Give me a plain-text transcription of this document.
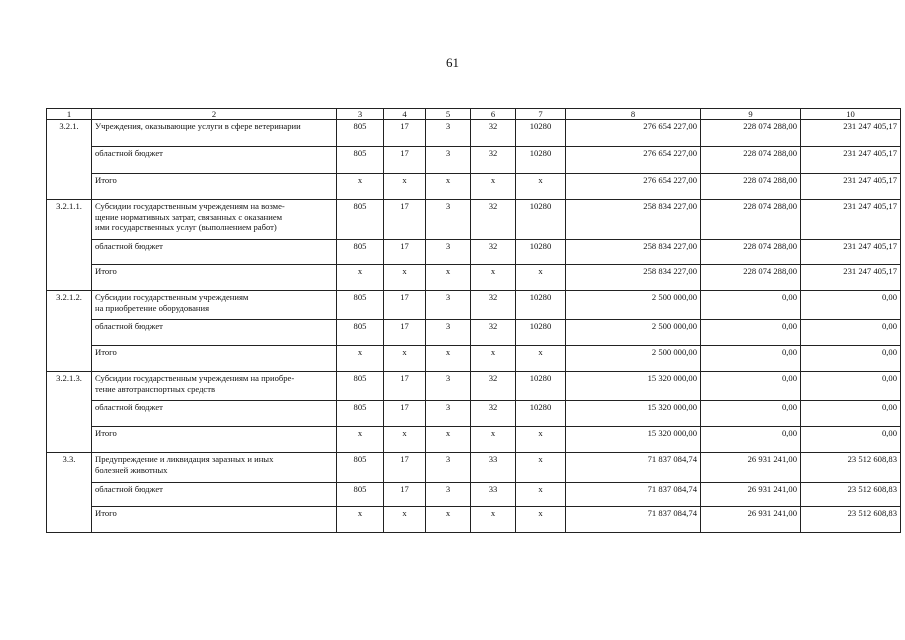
61
1	2	3	4	5	6	7	8	9	10
3.2.1.	Учреждения, оказывающие услуги в сфере ветеринарии	805	17	3	32	10280	276 654 227,00	228 074 288,00	231 247 405,17

	областной бюджет	805	17	3	32	10280	276 654 227,00	228 074 288,00	231 247 405,17

	Итого	x	x	x	x	x	276 654 227,00	228 074 288,00	231 247 405,17
3.2.1.1.	Субсидии государственным учреждениям на возме-
щение нормативных затрат, связанных с оказанием
ими государственных услуг (выполнением работ)	805	17	3	32	10280	258 834 227,00	228 074 288,00	231 247 405,17

	областной бюджет	805	17	3	32	10280	258 834 227,00	228 074 288,00	231 247 405,17

	Итого	x	x	x	x	x	258 834 227,00	228 074 288,00	231 247 405,17
3.2.1.2.	Субсидии государственным учреждениям
на приобретение оборудования	805	17	3	32	10280	2 500 000,00	0,00	0,00

	областной бюджет	805	17	3	32	10280	2 500 000,00	0,00	0,00

	Итого	x	x	x	x	x	2 500 000,00	0,00	0,00
3.2.1.3.	Субсидии государственным учреждениям на приобре-
тение автотранспортных средств	805	17	3	32	10280	15 320 000,00	0,00	0,00

	областной бюджет	805	17	3	32	10280	15 320 000,00	0,00	0,00

	Итого	x	x	x	x	x	15 320 000,00	0,00	0,00
3.3.	Предупреждение и ликвидация заразных и иных
болезней животных	805	17	3	33	x	71 837 084,74	26 931 241,00	23 512 608,83

	областной бюджет	805	17	3	33	x	71 837 084,74	26 931 241,00	23 512 608,83

	Итого	x	x	x	x	x	71 837 084,74	26 931 241,00	23 512 608,83
